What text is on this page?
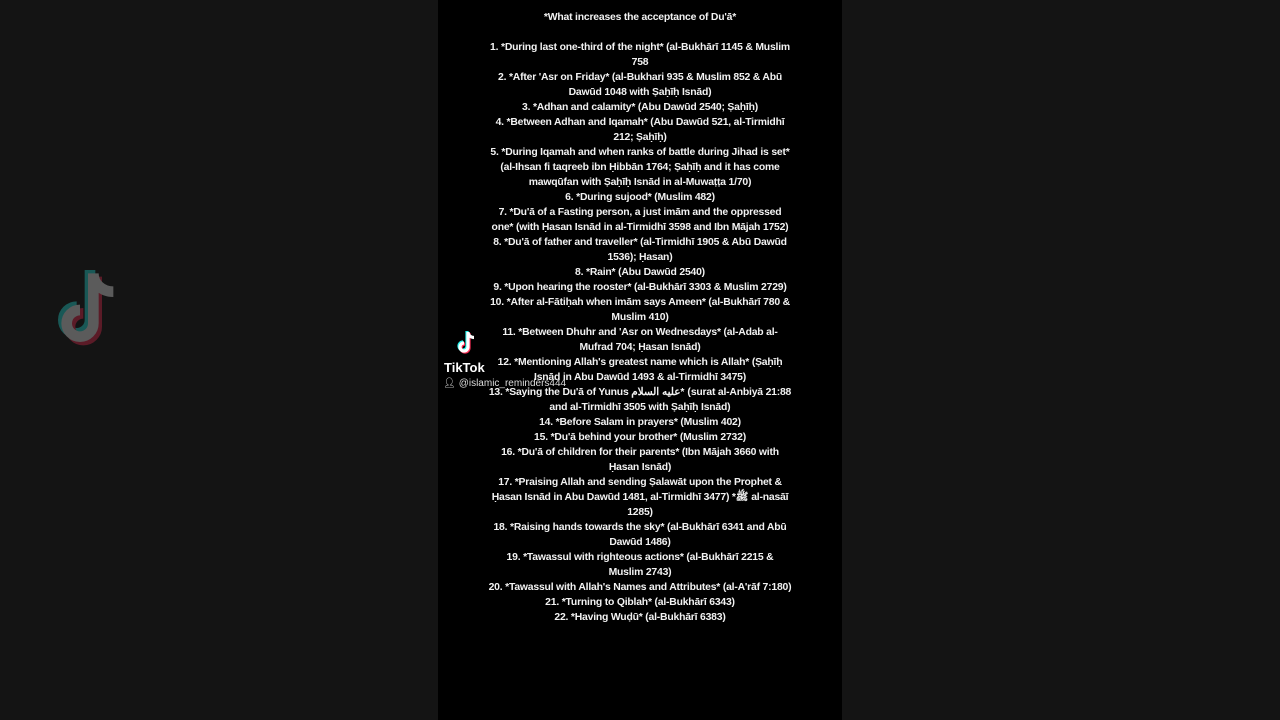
*What increases the acceptance of Du'ā*

1. *During last one-third of the night* (al-Bukhārī 1145 & Muslim 758

2. *After 'Asr on Friday* (al-Bukhari 935 & Muslim 852 & Abū Dawūd 1048 with Ṣaḥīḥ Isnād)

3. *Adhan and calamity* (Abu Dawūd 2540; Ṣaḥīḥ)

4. *Between Adhan and Iqamah* (Abu Dawūd 521, al-Tirmidhī 212; Ṣaḥīḥ)

5. *During Iqamah and when ranks of battle during Jihad is set* (al-Ihsan fi taqreeb ibn Ḥibbān 1764; Ṣaḥīḥ and it has come mawqūfan with Ṣaḥīḥ Isnād in al-Muwaṭṭa 1/70)

6. *During sujood* (Muslim 482)

7. *Du'ā of a Fasting person, a just imām and the oppressed one* (with Ḥasan Isnād in al-Tirmidhī 3598 and Ibn Mājah 1752)

8. *Du'ā of father and traveller* (al-Tirmidhī 1905 & Abū Dawūd 1536); Ḥasan)

8. *Rain* (Abu Dawūd 2540)

9. *Upon hearing the rooster* (al-Bukhārī 3303 & Muslim 2729)

10. *After al-Fātiḥah when imām says Ameen* (al-Bukhārī 780 & Muslim 410)

11. *Between Dhuhr and 'Asr on Wednesdays* (al-Adab al-Mufrad 704; Ḥasan Isnād)

12. *Mentioning Allah's greatest name which is Allah* (Ṣaḥīḥ Isnād in Abu Dawūd 1493 & al-Tirmidhī 3475)

13. *Saying the Du'ā of Yunus عليه السلام* (surat al-Anbiyā 21:88 and al-Tirmidhī 3505 with Ṣaḥīḥ Isnād)

14. *Before Salam in prayers* (Muslim 402)

15. *Du'ā behind your brother* (Muslim 2732)

16. *Du'ā of children for their parents* (Ibn Mājah 3660 with Ḥasan Isnād)

17. *Praising Allah and sending Ṣalawāt upon the Prophet & Ḥasan Isnād in Abu Dawūd 1481, al-Tirmidhī 3477) *ﷺ al-nasāī 1285)

18. *Raising hands towards the sky* (al-Bukhārī 6341 and Abū Dawūd 1486)

19. *Tawassul with righteous actions* (al-Bukhārī 2215 & Muslim 2743)

20. *Tawassul with Allah's Names and Attributes* (al-A'rāf 7:180)

21. *Turning to Qiblah* (al-Bukhārī 6343)

22. *Having Wuḍū* (al-Bukhārī 6383)

TikTok
👤︎ @islamic_reminders444
